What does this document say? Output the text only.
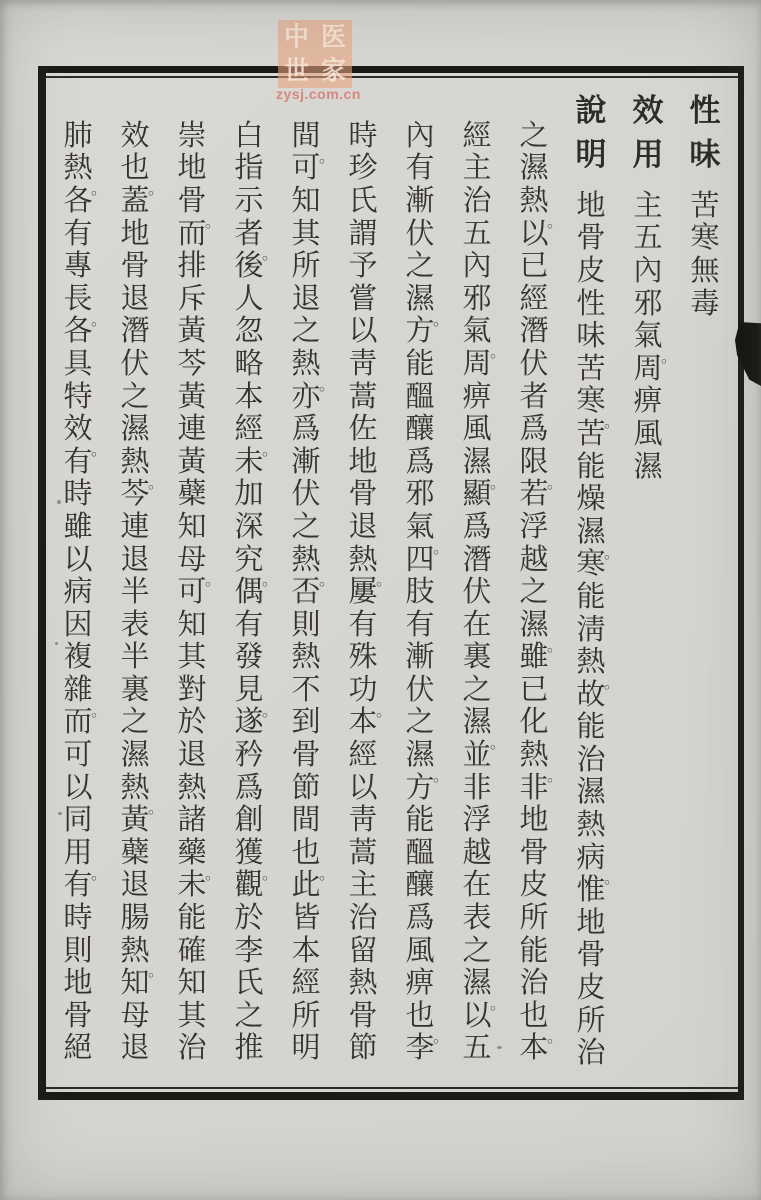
性
味
苦
寒
無
毒
效
用
主
五
內
邪
氣
。
周
痹
風
濕
說
明
地
骨
皮
性
味
苦
寒
。
苦
能
燥
濕
。
寒
能
淸
熱
。
故
能
治
濕
熱
病
。
惟
地
骨
皮
所
治
之
濕
熱
。
以
已
經
潛
伏
者
爲
限
。
若
浮
越
之
濕
。
雖
已
化
熱
。
非
地
骨
皮
所
能
治
也
。
本
經
主
治
五
內
邪
氣
。
周
痹
風
濕
。
顯
爲
潛
伏
在
裏
之
濕
。
並
非
浮
越
在
表
之
濕
。
以
五
內
有
漸
伏
之
濕
。
方
能
醞
釀
爲
邪
氣
。
四
肢
有
漸
伏
之
濕
。
方
能
醞
釀
爲
風
痹
也
。
李
時
珍
氏
謂
予
嘗
以
靑
蒿
佐
地
骨
退
熱
。
屢
有
殊
功
。
本
經
以
靑
蒿
主
治
留
熱
骨
節
間
。
可
知
其
所
退
之
熱
。
亦
爲
漸
伏
之
熱
。
否
則
熱
不
到
骨
節
間
也
。
此
皆
本
經
所
明
白
指
示
者
。
後
人
忽
略
本
經
。
未
加
深
究
。
偶
有
發
見
。
遂
矜
爲
創
獲
。
觀
於
李
氏
之
推
崇
地
骨
。
而
排
斥
黃
芩
黃
連
黃
蘗
知
母
。
可
知
其
對
於
退
熱
諸
藥
。
未
能
確
知
其
治
效
也
。
蓋
地
骨
退
潛
伏
之
濕
熱
。
芩
連
退
半
表
半
裏
之
濕
熱
。
黃
蘗
退
腸
熱
。
知
母
退
肺
熱
。
各
有
專
長
。
各
具
特
效
。
有
時
雖
以
病
因
複
雜
。
而
可
以
同
用
。
有
時
則
地
骨
絕
中 医
世 家
zysj.com.cn
